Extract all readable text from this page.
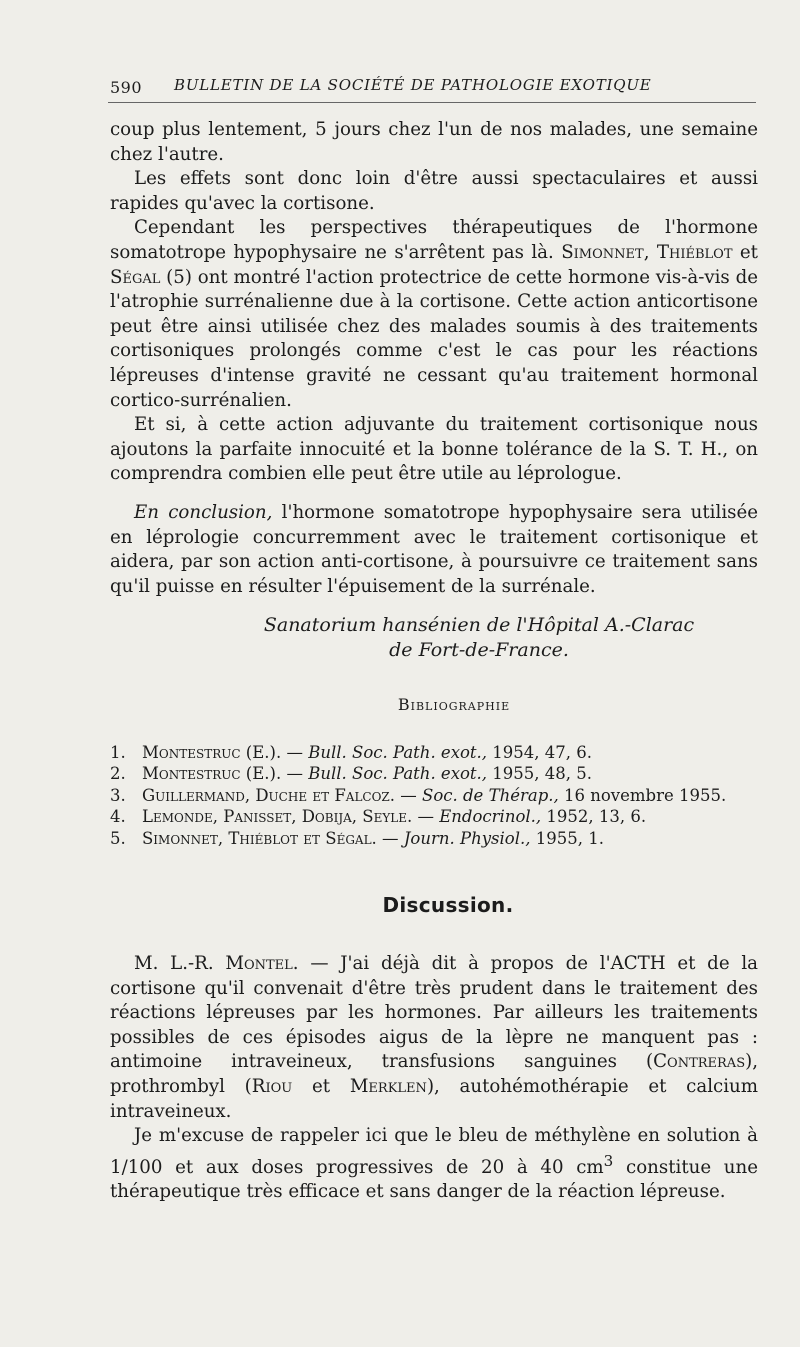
590 BULLETIN DE LA SOCIÉTÉ DE PATHOLOGIE EXOTIQUE

coup plus lentement, 5 jours chez l'un de nos malades, une semaine chez l'autre.

Les effets sont donc loin d'être aussi spectaculaires et aussi rapides qu'avec la cortisone.

Cependant les perspectives thérapeutiques de l'hormone somatotrope hypophysaire ne s'arrêtent pas là. Simonnet, Thiéblot et Ségal (5) ont montré l'action protectrice de cette hormone vis-à-vis de l'atrophie surrénalienne due à la cortisone. Cette action anticortisone peut être ainsi utilisée chez des malades soumis à des traitements cortisoniques prolongés comme c'est le cas pour les réactions lépreuses d'intense gravité ne cessant qu'au traitement hormonal cortico-surrénalien.

Et si, à cette action adjuvante du traitement cortisonique nous ajoutons la parfaite innocuité et la bonne tolérance de la S. T. H., on comprendra combien elle peut être utile au léprologue.

En conclusion, l'hormone somatotrope hypophysaire sera utilisée en léprologie concurremment avec le traitement cortisonique et aidera, par son action anti-cortisone, à poursuivre ce traitement sans qu'il puisse en résulter l'épuisement de la surrénale.

Sanatorium hansénien de l'Hôpital A.-Clarac
de Fort-de-France.
Bibliographie
1. Montestruc (E.). — Bull. Soc. Path. exot., 1954, 47, 6.
2. Montestruc (E.). — Bull. Soc. Path. exot., 1955, 48, 5.
3. Guillermand, Duche et Falcoz. — Soc. de Thérap., 16 novembre 1955.
4. Lemonde, Panisset, Dobija, Seyle. — Endocrinol., 1952, 13, 6.
5. Simonnet, Thiéblot et Ségal. — Journ. Physiol., 1955, 1.
Discussion.

M. L.-R. Montel. — J'ai déjà dit à propos de l'ACTH et de la cortisone qu'il convenait d'être très prudent dans le traitement des réactions lépreuses par les hormones. Par ailleurs les traitements possibles de ces épisodes aigus de la lèpre ne manquent pas : antimoine intraveineux, transfusions sanguines (Contreras), prothrombyl (Riou et Merklen), autohémothérapie et calcium intraveineux.

Je m'excuse de rappeler ici que le bleu de méthylène en solution à 1/100 et aux doses progressives de 20 à 40 $cm^3$ constitue une thérapeutique très efficace et sans danger de la réaction lépreuse.
